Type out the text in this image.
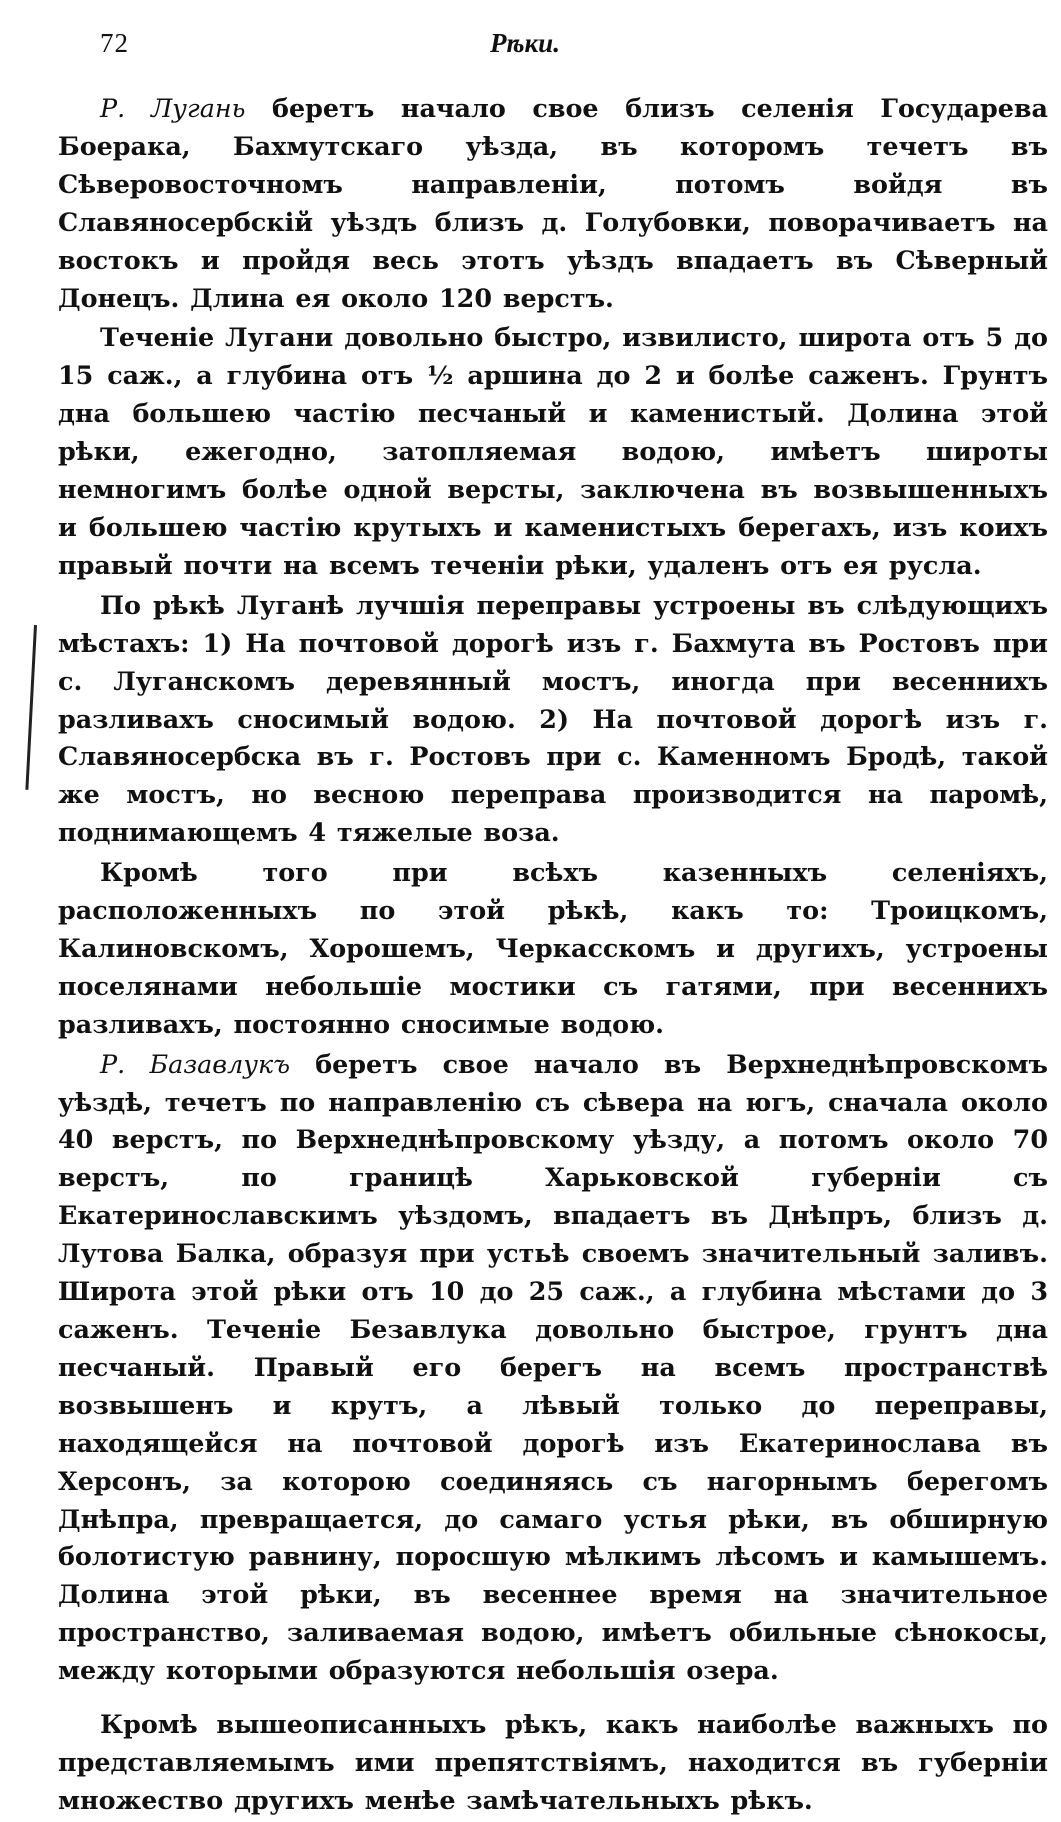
72	Рѣки.

Р. Лугань беретъ начало свое близъ селенія Государева Боерака, Бахмутскаго уѣзда, въ которомъ течетъ въ Сѣверовосточномъ направленіи, потомъ войдя въ Славяносербскій уѣздъ близъ д. Голубовки, поворачиваетъ на востокъ и пройдя весь этотъ уѣздъ впадаетъ въ Сѣверный Донецъ. Длина ея около 120 верстъ.

Теченіе Лугани довольно быстро, извилисто, широта отъ 5 до 15 саж., а глубина отъ ½ аршина до 2 и болѣе саженъ. Грунтъ дна большею частію песчаный и каменистый. Долина этой рѣки, ежегодно, затопляемая водою, имѣетъ широты немногимъ болѣе одной версты, заключена въ возвышенныхъ и большею частію крутыхъ и каменистыхъ берегахъ, изъ коихъ правый почти на всемъ теченіи рѣки, удаленъ отъ ея русла.

По рѣкѣ Луганѣ лучшія переправы устроены въ слѣдующихъ мѣстахъ: 1) На почтовой дорогѣ изъ г. Бахмута въ Ростовъ при с. Луганскомъ деревянный мостъ, иногда при весеннихъ разливахъ сносимый водою. 2) На почтовой дорогѣ изъ г. Славяносербска въ г. Ростовъ при с. Каменномъ Бродѣ, такой же мостъ, но весною переправа производится на паромѣ, поднимающемъ 4 тяжелые воза.

Кромѣ того при всѣхъ казенныхъ селеніяхъ, расположенныхъ по этой рѣкѣ, какъ то: Троицкомъ, Калиновскомъ, Хорошемъ, Черкасскомъ и другихъ, устроены поселянами небольшіе мостики съ гатями, при весеннихъ разливахъ, постоянно сносимые водою.

Р. Базавлукъ беретъ свое начало въ Верхнеднѣпровскомъ уѣздѣ, течетъ по направленію съ сѣвера на югъ, сначала около 40 верстъ, по Верхнеднѣпровскому уѣзду, а потомъ около 70 верстъ, по границѣ Харьковской губерніи съ Екатеринославскимъ уѣздомъ, впадаетъ въ Днѣпръ, близъ д. Лутова Балка, образуя при устьѣ своемъ значительный заливъ. Широта этой рѣки отъ 10 до 25 саж., а глубина мѣстами до 3 саженъ. Теченіе Безавлука довольно быстрое, грунтъ дна песчаный. Правый его берегъ на всемъ пространствѣ возвышенъ и крутъ, а лѣвый только до переправы, находящейся на почтовой дорогѣ изъ Екатеринослава въ Херсонъ, за которою соединяясь съ нагорнымъ берегомъ Днѣпра, превращается, до самаго устья рѣки, въ обширную болотистую равнину, поросшую мѣлкимъ лѣсомъ и камышемъ. Долина этой рѣки, въ весеннее время на значительное пространство, заливаемая водою, имѣетъ обильные сѣнокосы, между которыми образуются небольшія озера.

Кромѣ вышеописанныхъ рѣкъ, какъ наиболѣе важныхъ по представляемымъ ими препятствіямъ, находится въ губерніи множество другихъ менѣе замѣчательныхъ рѣкъ.
